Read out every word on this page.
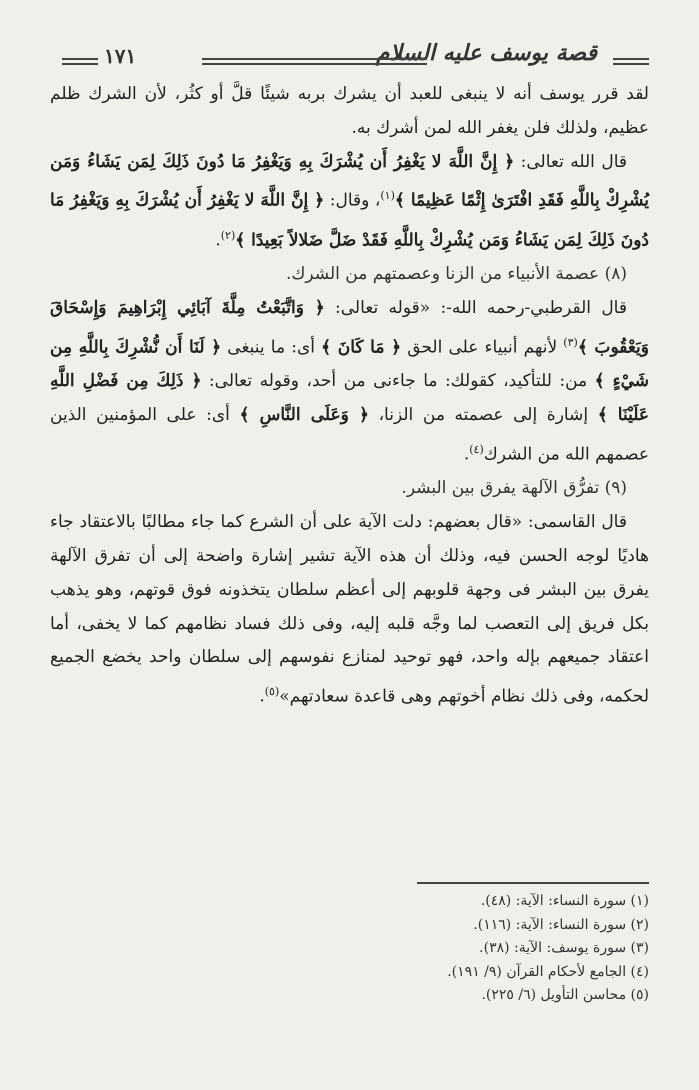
قصة يوسف عليه السلام
١٧١

لقد قرر يوسف أنه لا ينبغى للعبد أن يشرك بربه شيئًا قلَّ أو كثُر، لأن الشرك ظلم عظيم، ولذلك فلن يغفر الله لمن أشرك به.

قال الله تعالى: ﴿ إِنَّ اللَّهَ لا يَغْفِرُ أَن يُشْرَكَ بِهِ وَيَغْفِرُ مَا دُونَ ذَلِكَ لِمَن يَشَاءُ وَمَن يُشْرِكْ بِاللَّهِ فَقَدِ افْتَرَىٰ إِثْمًا عَظِيمًا ﴾$^{(١)}$، وقال: ﴿ إِنَّ اللَّهَ لا يَغْفِرُ أَن يُشْرَكَ بِهِ وَيَغْفِرُ مَا دُونَ ذَلِكَ لِمَن يَشَاءُ وَمَن يُشْرِكْ بِاللَّهِ فَقَدْ ضَلَّ ضَلالاً بَعِيدًا ﴾$^{(٢)}$.

(٨) عصمة الأنبياء من الزنا وعصمتهم من الشرك.

قال القرطبي-رحمه الله-: «قوله تعالى: ﴿ وَاتَّبَعْتُ مِلَّةَ آبَائِي إِبْرَاهِيمَ وَإِسْحَاقَ وَيَعْقُوبَ ﴾$^{(٣)}$ لأنهم أنبياء على الحق ﴿ مَا كَانَ ﴾ أى: ما ينبغى ﴿ لَنَا أَن نُّشْرِكَ بِاللَّهِ مِن شَيْءٍ ﴾ من: للتأكيد، كقولك: ما جاءنى من أحد، وقوله تعالى: ﴿ ذَلِكَ مِن فَضْلِ اللَّهِ عَلَيْنَا ﴾ إشارة إلى عصمته من الزنا، ﴿ وَعَلَى النَّاسِ ﴾ أى: على المؤمنين الذين عصمهم الله من الشرك$^{(٤)}$.

(٩) تفرُّق الآلهة يفرق بين البشر.

قال القاسمى: «قال بعضهم: دلت الآية على أن الشرع كما جاء مطالبًا بالاعتقاد جاء هاديًا لوجه الحسن فيه، وذلك أن هذه الآية تشير إشارة واضحة إلى أن تفرق الآلهة يفرق بين البشر فى وجهة قلوبهم إلى أعظم سلطان يتخذونه فوق قوتهم، وهو يذهب بكل فريق إلى التعصب لما وجَّه قلبه إليه، وفى ذلك فساد نظامهم كما لا يخفى، أما اعتقاد جميعهم بإله واحد، فهو توحيد لمنازع نفوسهم إلى سلطان واحد يخضع الجميع لحكمه، وفى ذلك نظام أخوتهم وهى قاعدة سعادتهم»$^{(٥)}$.

(١) سورة النساء: الآية: (٤٨).
(٢) سورة النساء: الآية: (١١٦).
(٣) سورة يوسف: الآية: (٣٨).
(٤) الجامع لأحكام القرآن (٩/ ١٩١).
(٥) محاسن التأويل (٦/ ٢٢٥).
